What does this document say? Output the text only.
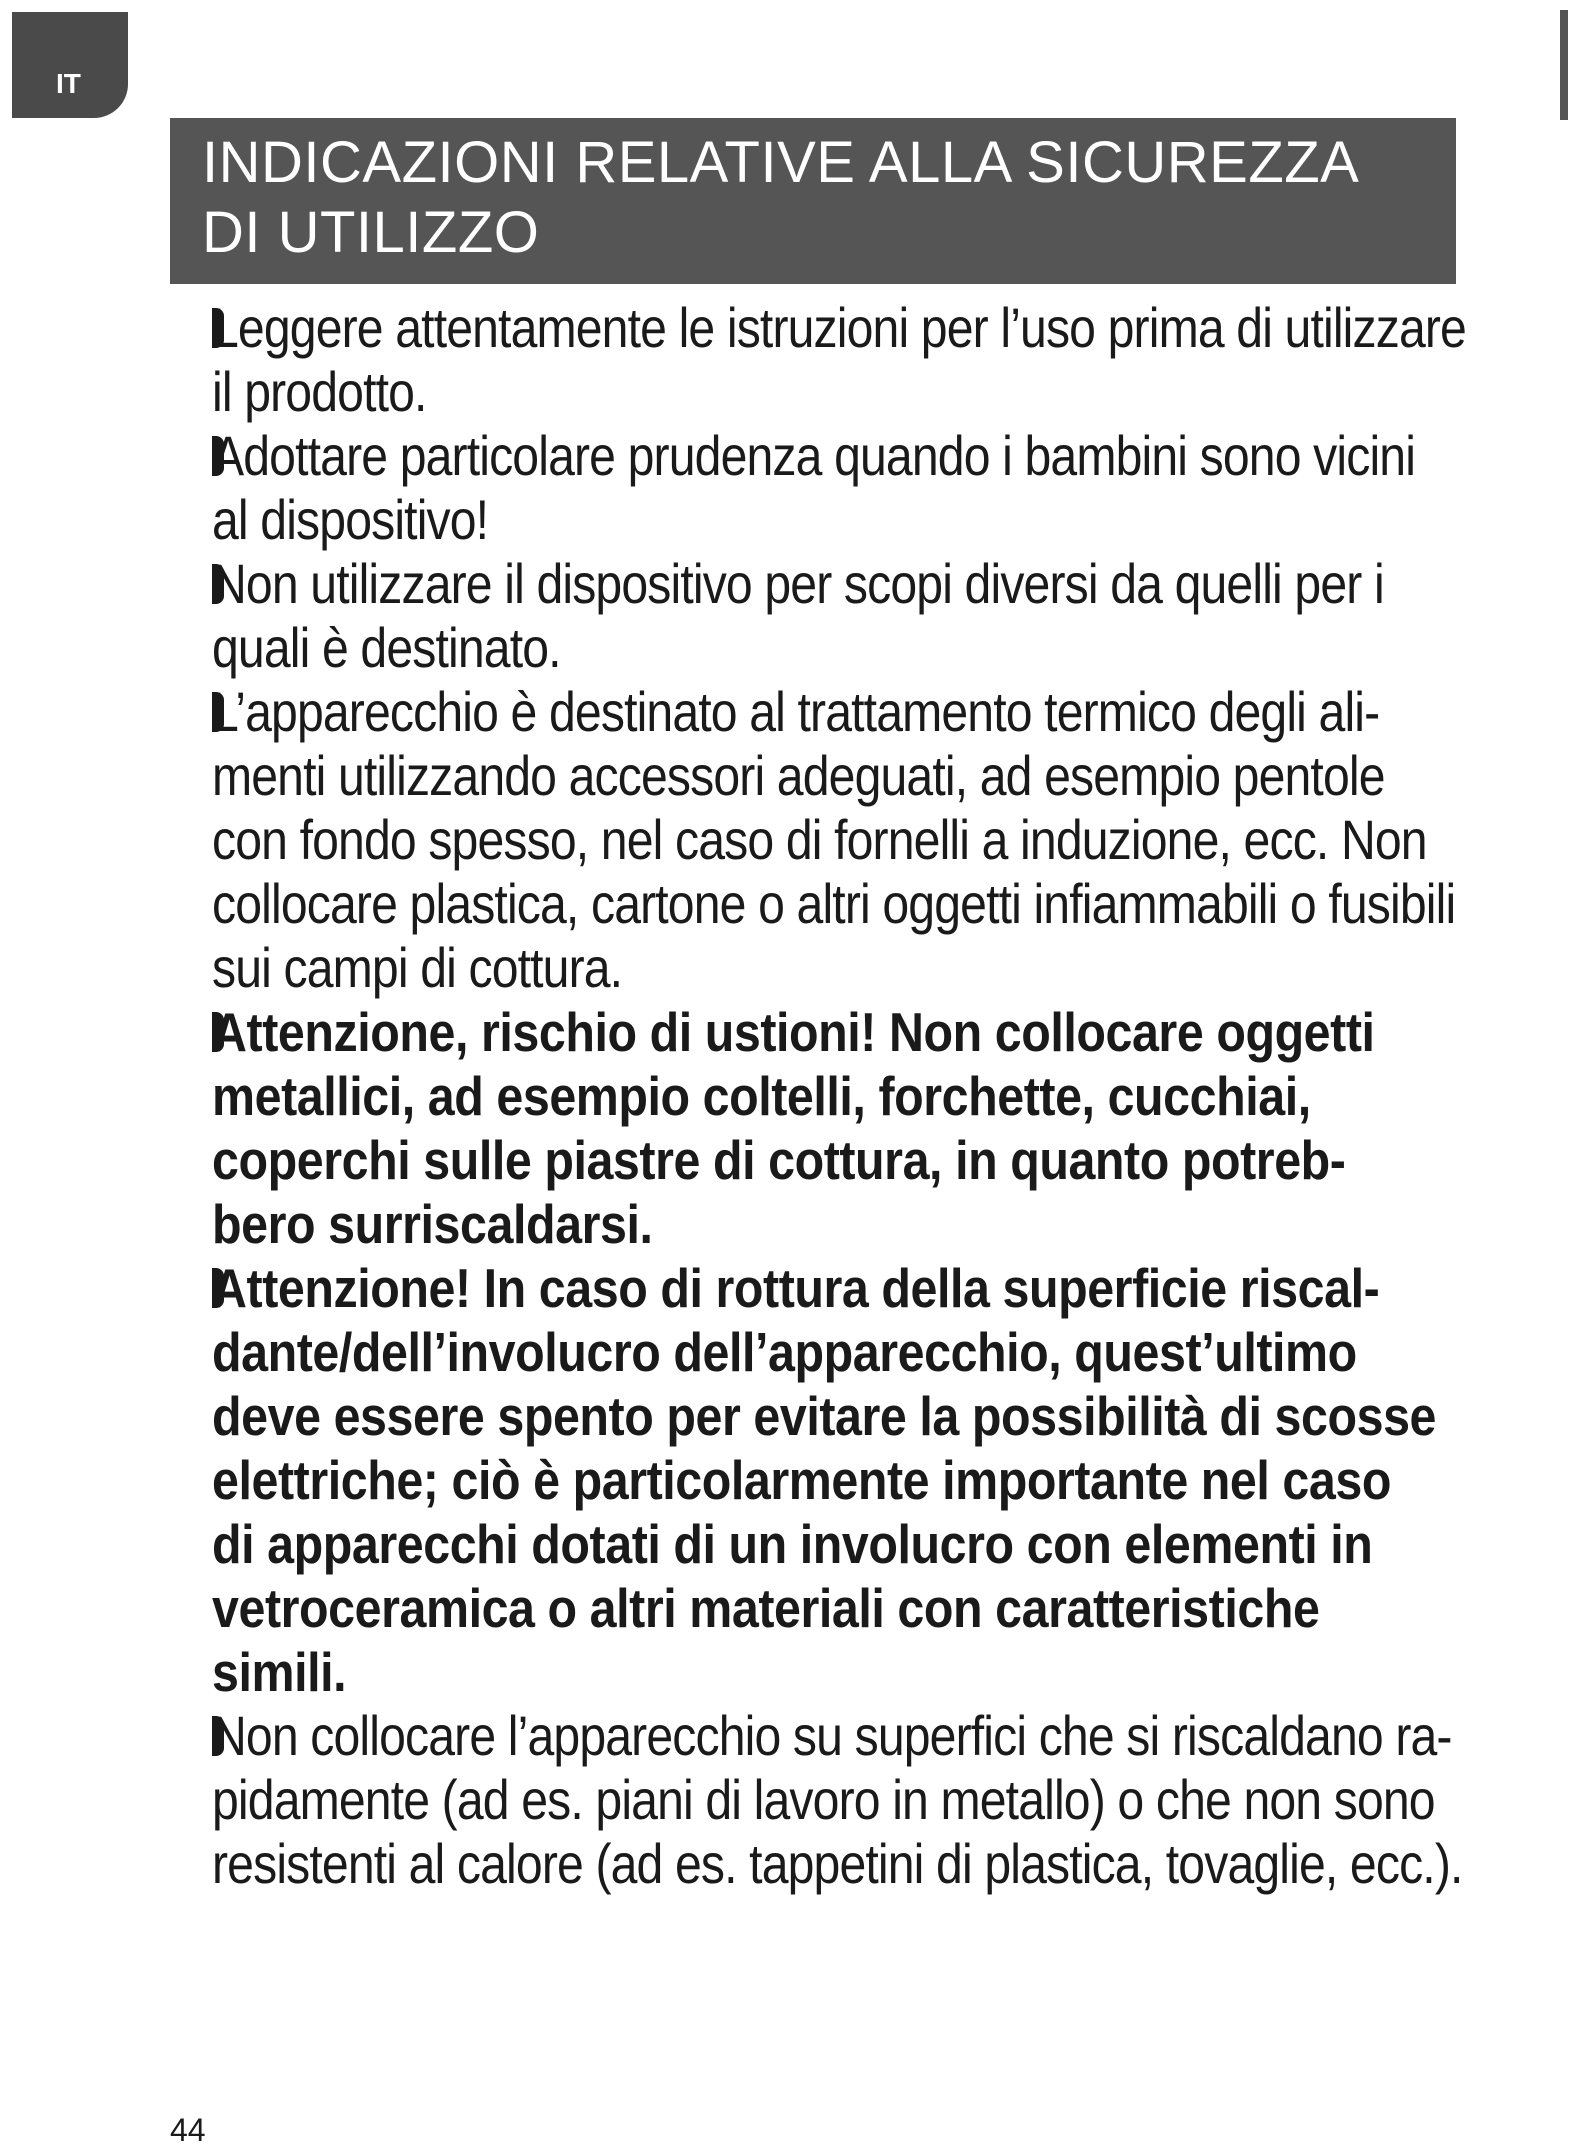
IT
INDICAZIONI RELATIVE ALLA SICUREZZA
DI UTILIZZO
Leggere attentamente le istruzioni per l’uso prima di utilizzare
il prodotto.
Adottare particolare prudenza quando i bambini sono vicini
al dispositivo!
Non utilizzare il dispositivo per scopi diversi da quelli per i
quali è destinato.
L’apparecchio è destinato al trattamento termico degli ali-
menti utilizzando accessori adeguati, ad esempio pentole
con fondo spesso, nel caso di fornelli a induzione, ecc. Non
collocare plastica, cartone o altri oggetti infiammabili o fusibili
sui campi di cottura.
Attenzione, rischio di ustioni! Non collocare oggetti
metallici, ad esempio coltelli, forchette, cucchiai,
coperchi sulle piastre di cottura, in quanto potreb-
bero surriscaldarsi.
Attenzione! In caso di rottura della superficie riscal-
dante/dell’involucro dell’apparecchio, quest’ultimo
deve essere spento per evitare la possibilità di scosse
elettriche; ciò è particolarmente importante nel caso
di apparecchi dotati di un involucro con elementi in
vetroceramica o altri materiali con caratteristiche
simili.
Non collocare l’apparecchio su superfici che si riscaldano ra-
pidamente (ad es. piani di lavoro in metallo) o che non sono
resistenti al calore (ad es. tappetini di plastica, tovaglie, ecc.).
44
